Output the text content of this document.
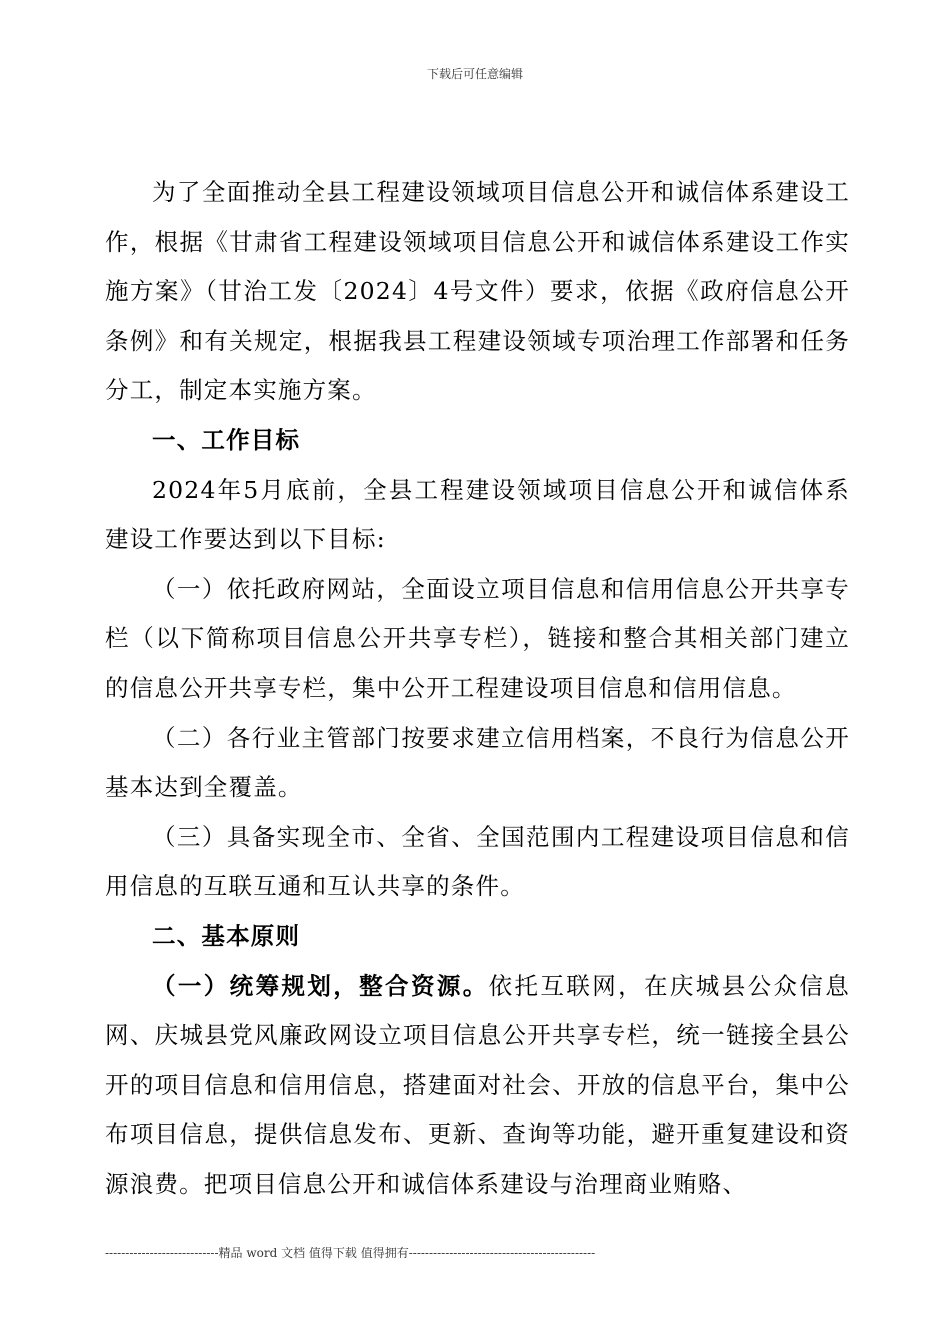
下载后可任意编辑

为了全面推动全县工程建设领域项目信息公开和诚信体系建设工作，根据《甘肃省工程建设领域项目信息公开和诚信体系建设工作实施方案》（甘治工发〔2024〕4号文件）要求，依据《政府信息公开条例》和有关规定，根据我县工程建设领域专项治理工作部署和任务分工，制定本实施方案。

一、工作目标

2024年5月底前，全县工程建设领域项目信息公开和诚信体系建设工作要达到以下目标:

（一）依托政府网站，全面设立项目信息和信用信息公开共享专栏（以下简称项目信息公开共享专栏），链接和整合其相关部门建立的信息公开共享专栏，集中公开工程建设项目信息和信用信息。

（二）各行业主管部门按要求建立信用档案，不良行为信息公开基本达到全覆盖。

（三）具备实现全市、全省、全国范围内工程建设项目信息和信用信息的互联互通和互认共享的条件。

二、基本原则

（一）统筹规划，整合资源。依托互联网，在庆城县公众信息网、庆城县党风廉政网设立项目信息公开共享专栏，统一链接全县公开的项目信息和信用信息，搭建面对社会、开放的信息平台，集中公布项目信息，提供信息发布、更新、查询等功能，避开重复建设和资源浪费。把项目信息公开和诚信体系建设与治理商业贿赂、

----------------------------精品 word 文档 值得下载 值得拥有----------------------------------------------
